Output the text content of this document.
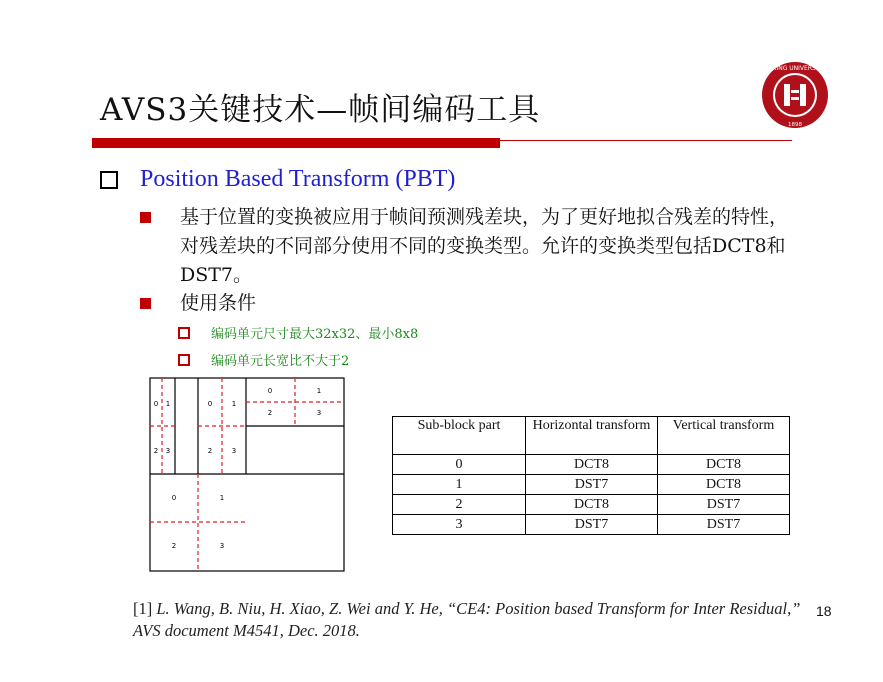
AVS3关键技术—帧间编码工具
PEKING UNIVERSITY
1898
Position Based Transform (PBT)
基于位置的变换被应用于帧间预测残差块，为了更好地拟合残差的特性，对残差块的不同部分使用不同的变换类型。允许的变换类型包括DCT8和DST7。
使用条件
编码单元尺寸最大32x32、最小8x8
编码单元长宽比不大于2
0 1
2 3
0	1
2	3
0	1
2	3
0	1
2	3
Sub-block part	Horizontal transform	Vertical transform
0	DCT8	DCT8
1	DST7	DCT8
2	DCT8	DST7
3	DST7	DST7
[1] L. Wang, B. Niu, H. Xiao, Z. Wei and Y. He, “CE4: Position based Transform for Inter Residual,” AVS document M4541, Dec. 2018.
18
